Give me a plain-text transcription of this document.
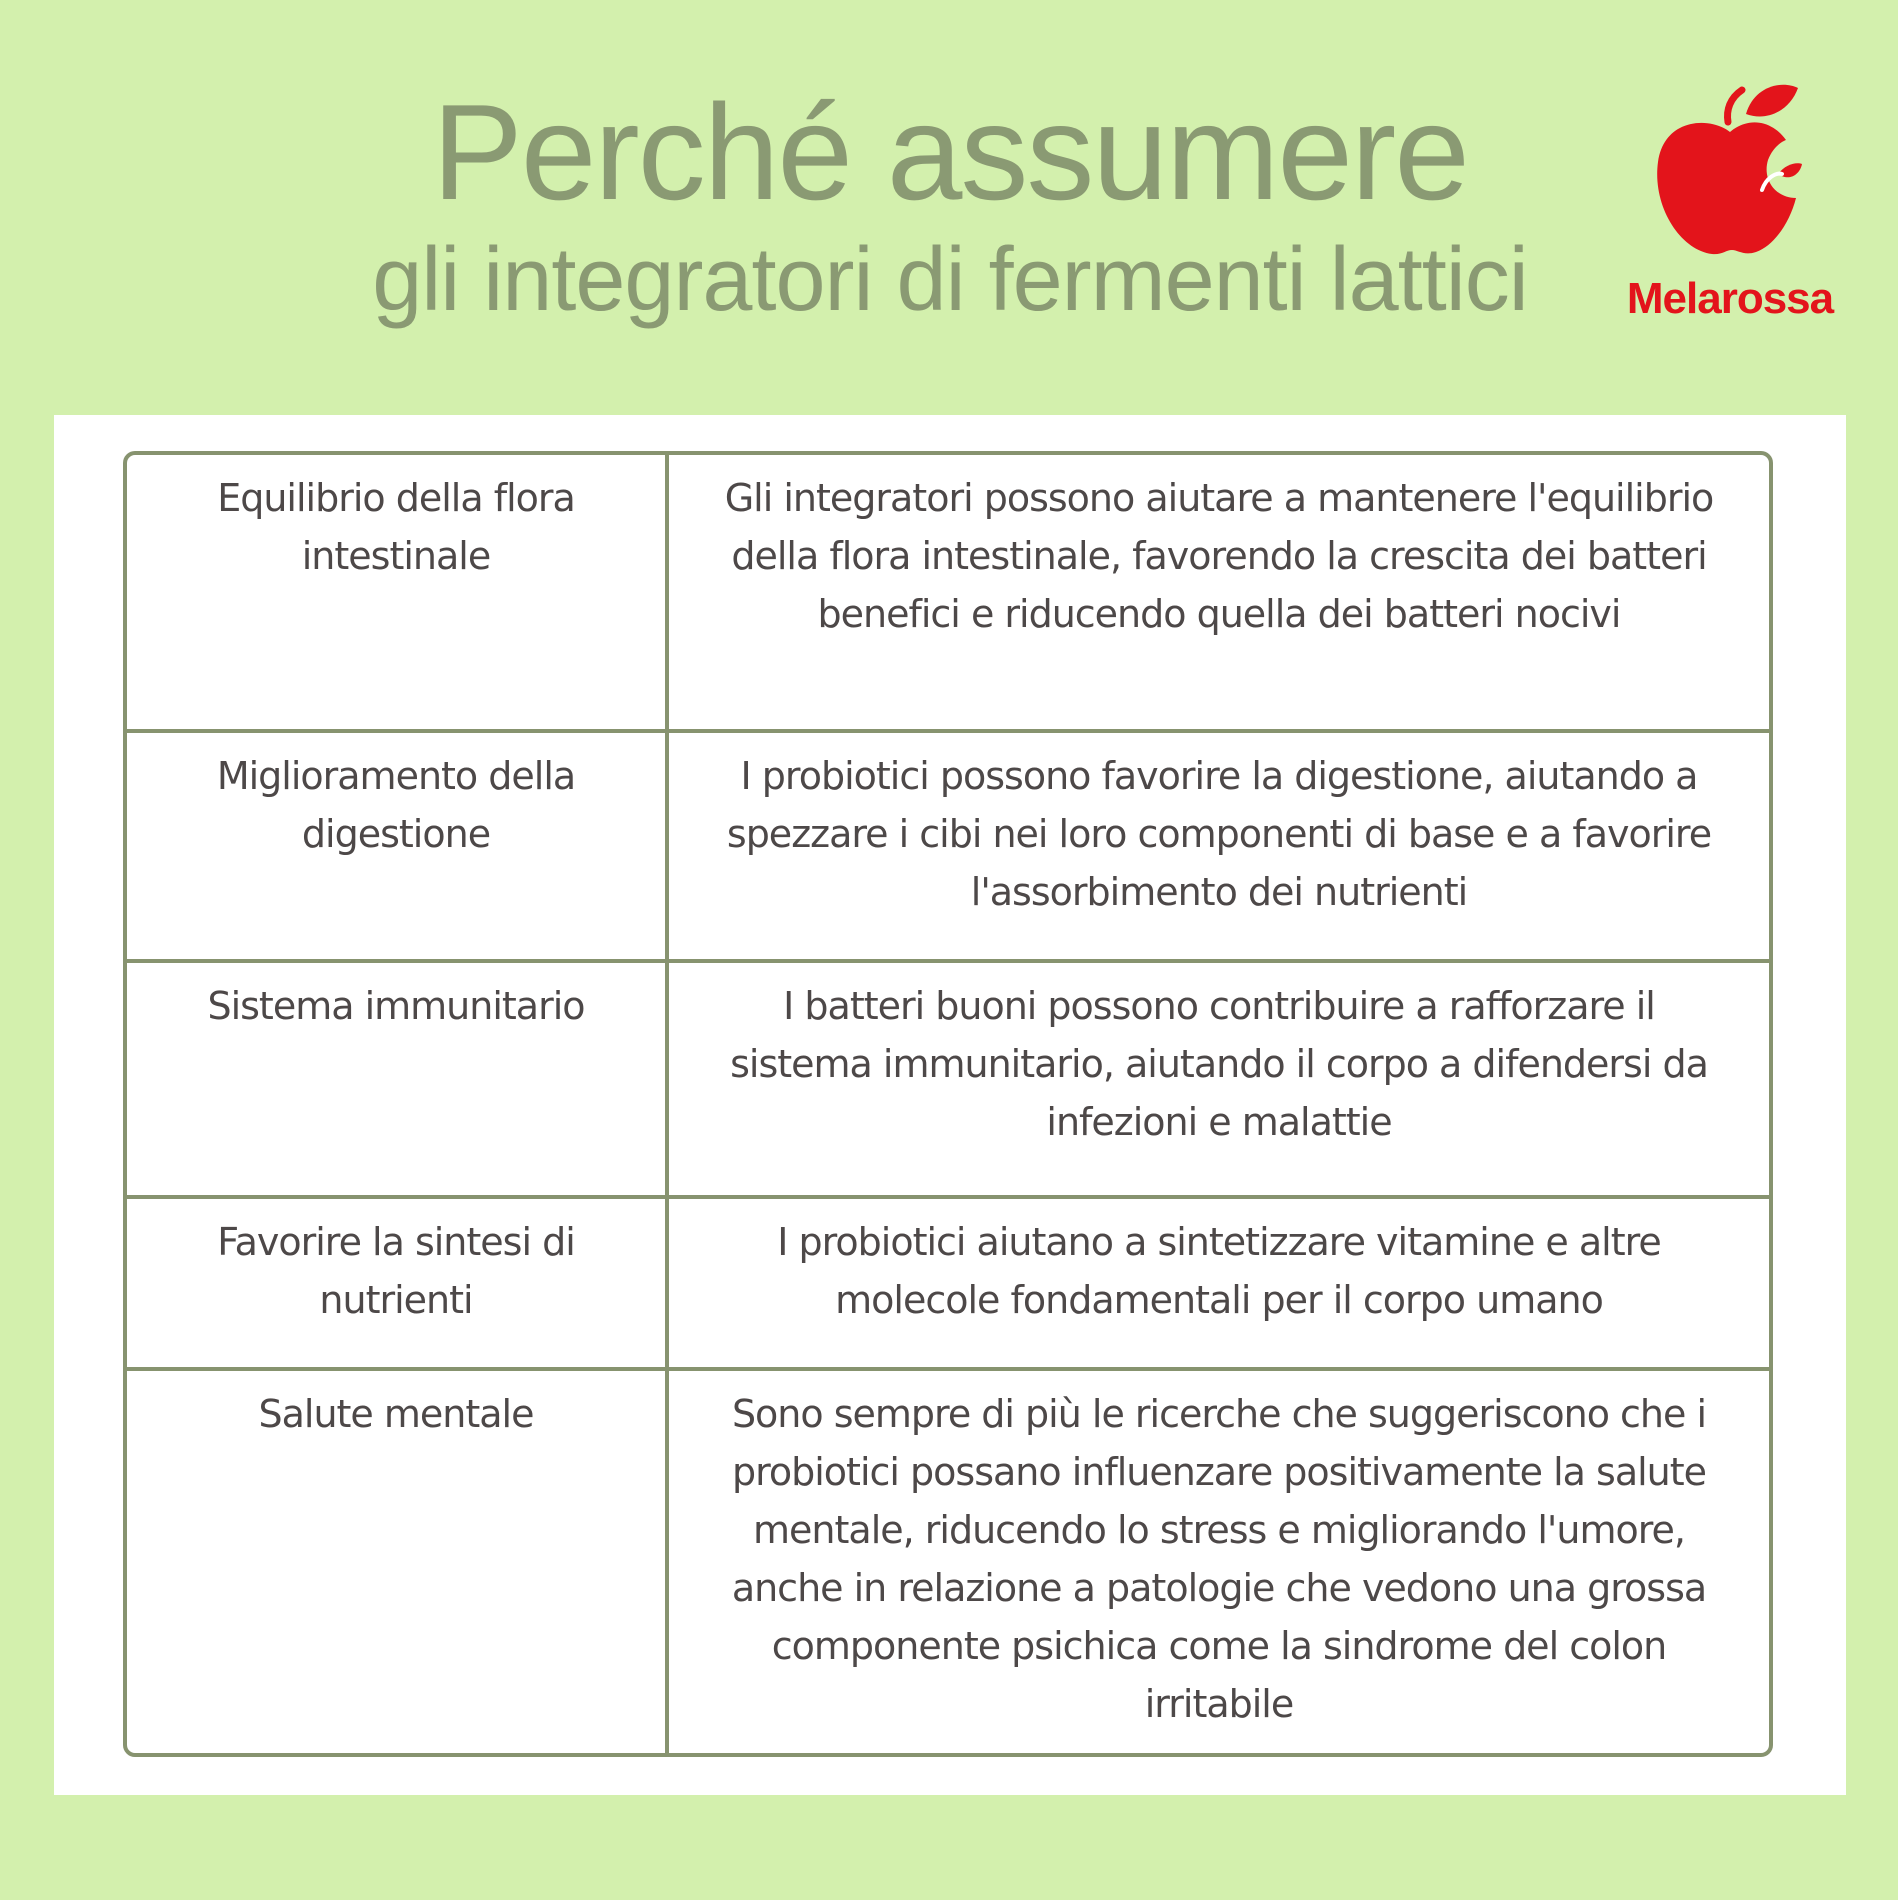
Perché assumere
gli integratori di fermenti lattici	Melarossa
Equilibrio della flora intestinale	Gli integratori possono aiutare a mantenere l'equilibrio della flora intestinale, favorendo la crescita dei batteri benefici e riducendo quella dei batteri nocivi
Miglioramento della digestione	I probiotici possono favorire la digestione, aiutando a spezzare i cibi nei loro componenti di base e a favorire l'assorbimento dei nutrienti
Sistema immunitario	I batteri buoni possono contribuire a rafforzare il sistema immunitario, aiutando il corpo a difendersi da infezioni e malattie
Favorire la sintesi di nutrienti	I probiotici aiutano a sintetizzare vitamine e altre molecole fondamentali per il corpo umano
Salute mentale	Sono sempre di più le ricerche che suggeriscono che i probiotici possano influenzare positivamente la salute mentale, riducendo lo stress e migliorando l'umore, anche in relazione a patologie che vedono una grossa componente psichica come la sindrome del colon irritabile
